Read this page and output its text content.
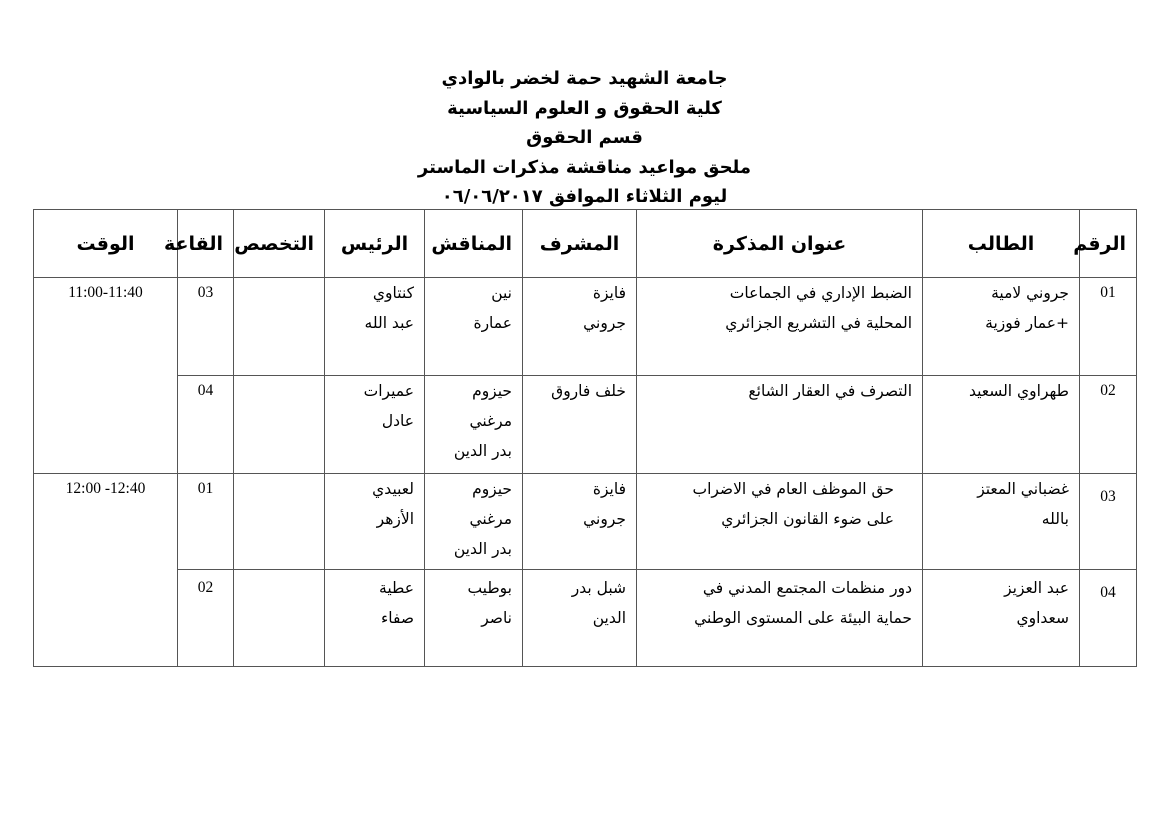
جامعة الشهيد حمة لخضر بالوادي
كلية الحقوق و العلوم السياسية
قسم الحقوق
ملحق مواعيد مناقشة مذكرات الماستر
ليوم الثلاثاء الموافق ٠٦/٠٦/٢٠١٧
الرقم	الطالب	عنوان المذكرة	المشرف	المناقش	الرئيس	التخصص	القاعة	الوقت
01	جروني لامية
+عمار فوزية	الضبط الإداري في الجماعات
المحلية في التشريع الجزائري	فايزة
جروني	نين
عمارة	كنتاوي
عبد الله		03	11:00-11:40
02	طهراوي السعيد	التصرف في العقار الشائع	خلف فاروق	حيزوم
مرغني
بدر الدين	عميرات
عادل		04	

03	غضباني المعتز
بالله	حق الموظف العام في الاضراب
على ضوء القانون الجزائري	فايزة
جروني	حيزوم
مرغني
بدر الدين	لعبيدي
الأزهر		01	12:40- 12:00

04	عبد العزيز
سعداوي	دور منظمات المجتمع المدني في
حماية البيئة على المستوى الوطني	شبل بدر
الدين	بوطيب
ناصر	عطية
صفاء		02	
